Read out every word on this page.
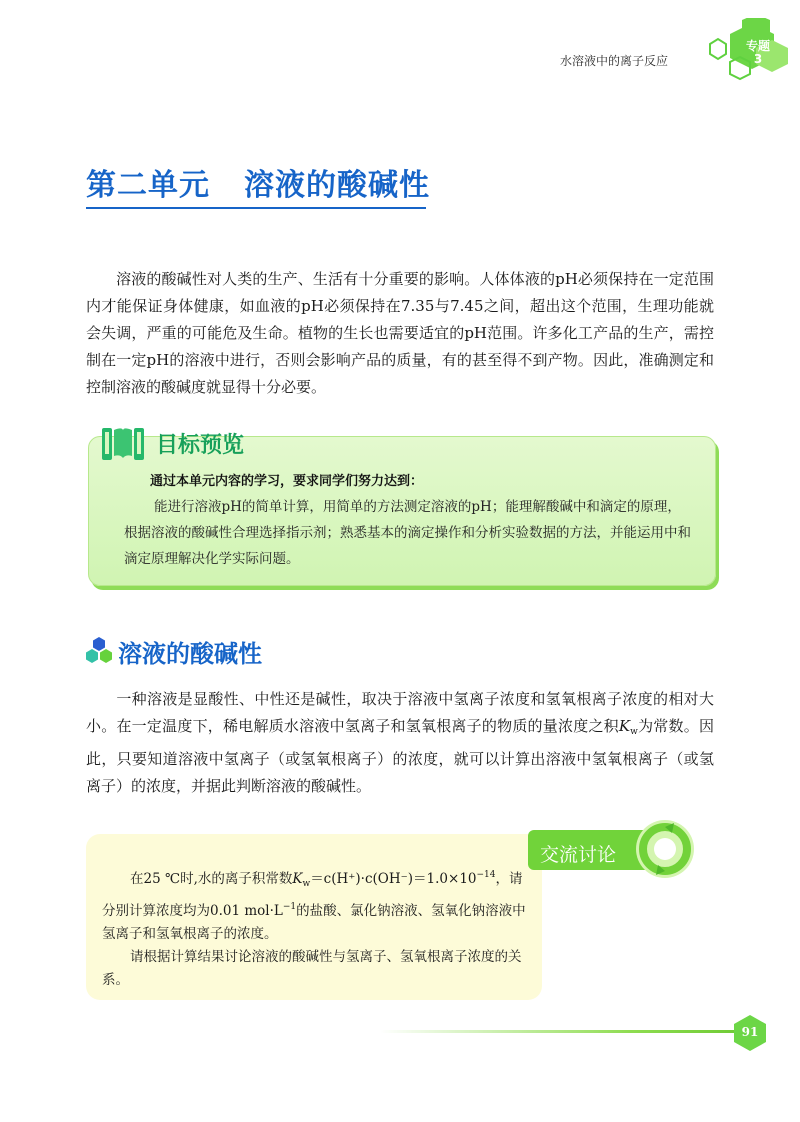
水溶液中的离子反应
专题
3
第二单元 溶液的酸碱性

溶液的酸碱性对人类的生产、生活有十分重要的影响。人体体液的pH必须保持在一定范围内才能保证身体健康，如血液的pH必须保持在7.35与7.45之间，超出这个范围，生理功能就会失调，严重的可能危及生命。植物的生长也需要适宜的pH范围。许多化工产品的生产，需控制在一定pH的溶液中进行，否则会影响产品的质量，有的甚至得不到产物。因此，准确测定和控制溶液的酸碱度就显得十分必要。

目标预览
通过本单元内容的学习，要求同学们努力达到：

能进行溶液pH的简单计算，用简单的方法测定溶液的pH；能理解酸碱中和滴定的原理，根据溶液的酸碱性合理选择指示剂；熟悉基本的滴定操作和分析实验数据的方法，并能运用中和滴定原理解决化学实际问题。

溶液的酸碱性

一种溶液是显酸性、中性还是碱性，取决于溶液中氢离子浓度和氢氧根离子浓度的相对大小。在一定温度下，稀电解质水溶液中氢离子和氢氧根离子的物质的量浓度之积$K_w$为常数。因此，只要知道溶液中氢离子（或氢氧根离子）的浓度，就可以计算出溶液中氢氧根离子（或氢离子）的浓度，并据此判断溶液的酸碱性。

交流讨论

在25 ℃时,水的离子积常数$K_w=c(H^+)\cdot c(OH^-)=1.0\times 10^{-14}$，请分别计算浓度均为0.01 $mol\cdot L^{-1}$的盐酸、氯化钠溶液、氢氧化钠溶液中氢离子和氢氧根离子的浓度。

请根据计算结果讨论溶液的酸碱性与氢离子、氢氧根离子浓度的关系。

91
